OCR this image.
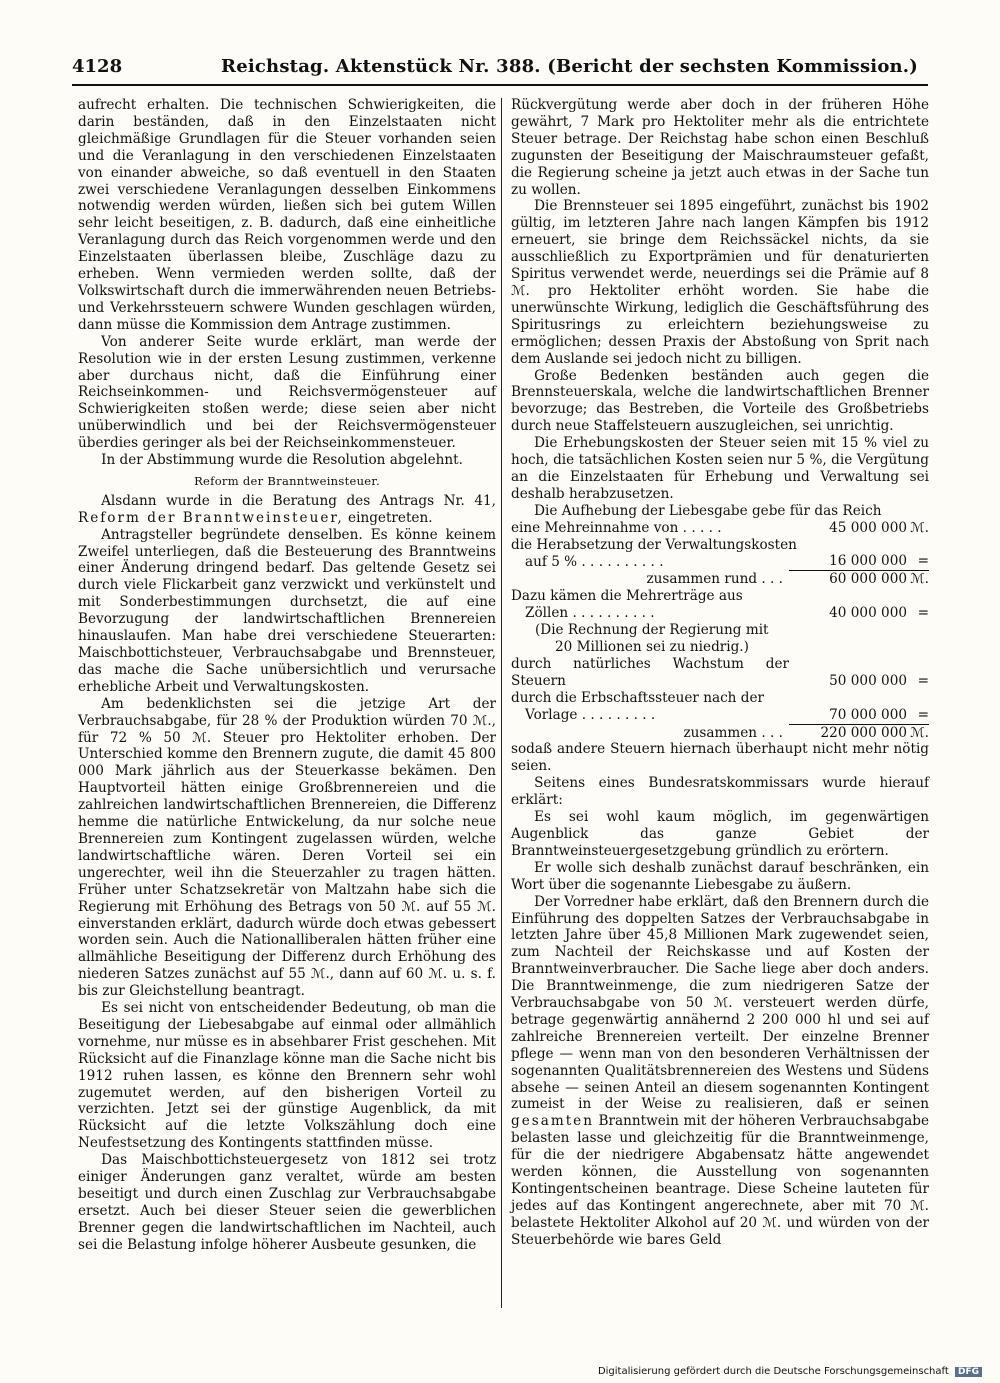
4128	Reichstag. Aktenstück Nr. 388. (Bericht der sechsten Kommission.)

aufrecht erhalten. Die technischen Schwierigkeiten, die darin beständen, daß in den Einzelstaaten nicht gleichmäßige Grundlagen für die Steuer vorhanden seien und die Veranlagung in den verschiedenen Einzelstaaten von einander abweiche, so daß eventuell in den Staaten zwei verschiedene Veranlagungen desselben Einkommens notwendig werden würden, ließen sich bei gutem Willen sehr leicht beseitigen, z. B. dadurch, daß eine einheitliche Veranlagung durch das Reich vorgenommen werde und den Einzelstaaten überlassen bleibe, Zuschläge dazu zu erheben. Wenn vermieden werden sollte, daß der Volkswirtschaft durch die immerwährenden neuen Betriebs- und Verkehrssteuern schwere Wunden geschlagen würden, dann müsse die Kommission dem Antrage zustimmen.

Von anderer Seite wurde erklärt, man werde der Resolution wie in der ersten Lesung zustimmen, verkenne aber durchaus nicht, daß die Einführung einer Reichseinkommen- und Reichsvermögensteuer auf Schwierigkeiten stoßen werde; diese seien aber nicht unüberwindlich und bei der Reichsvermögensteuer überdies geringer als bei der Reichseinkommensteuer.

In der Abstimmung wurde die Resolution abgelehnt.

Reform der Branntweinsteuer.

Alsdann wurde in die Beratung des Antrags Nr. 41, Reform der Branntweinsteuer, eingetreten.

Antragsteller begründete denselben. Es könne keinem Zweifel unterliegen, daß die Besteuerung des Branntweins einer Änderung dringend bedarf. Das geltende Gesetz sei durch viele Flickarbeit ganz verzwickt und verkünstelt und mit Sonderbestimmungen durchsetzt, die auf eine Bevorzugung der landwirtschaftlichen Brennereien hinauslaufen. Man habe drei verschiedene Steuerarten: Maischbottichsteuer, Verbrauchsabgabe und Brennsteuer, das mache die Sache unübersichtlich und verursache erhebliche Arbeit und Verwaltungskosten.

Am bedenklichsten sei die jetzige Art der Verbrauchsabgabe, für 28 % der Produktion würden 70 ℳ., für 72 % 50 ℳ. Steuer pro Hektoliter erhoben. Der Unterschied komme den Brennern zugute, die damit 45 800 000 Mark jährlich aus der Steuerkasse bekämen. Den Hauptvorteil hätten einige Großbrennereien und die zahlreichen landwirtschaftlichen Brennereien, die Differenz hemme die natürliche Entwickelung, da nur solche neue Brennereien zum Kontingent zugelassen würden, welche landwirtschaftliche wären. Deren Vorteil sei ein ungerechter, weil ihn die Steuerzahler zu tragen hätten. Früher unter Schatzsekretär von Maltzahn habe sich die Regierung mit Erhöhung des Betrags von 50 ℳ. auf 55 ℳ. einverstanden erklärt, dadurch würde doch etwas gebessert worden sein. Auch die Nationalliberalen hätten früher eine allmähliche Beseitigung der Differenz durch Erhöhung des niederen Satzes zunächst auf 55 ℳ., dann auf 60 ℳ. u. s. f. bis zur Gleichstellung beantragt.

Es sei nicht von entscheidender Bedeutung, ob man die Beseitigung der Liebesabgabe auf einmal oder allmählich vornehme, nur müsse es in absehbarer Frist geschehen. Mit Rücksicht auf die Finanzlage könne man die Sache nicht bis 1912 ruhen lassen, es könne den Brennern sehr wohl zugemutet werden, auf den bisherigen Vorteil zu verzichten. Jetzt sei der günstige Augenblick, da mit Rücksicht auf die letzte Volkszählung doch eine Neufestsetzung des Kontingents stattfinden müsse.

Das Maischbottichsteuergesetz von 1812 sei trotz einiger Änderungen ganz veraltet, würde am besten beseitigt und durch einen Zuschlag zur Verbrauchsabgabe ersetzt. Auch bei dieser Steuer seien die gewerblichen Brenner gegen die landwirtschaftlichen im Nachteil, auch sei die Belastung infolge höherer Ausbeute gesunken, die

Rückvergütung werde aber doch in der früheren Höhe gewährt, 7 Mark pro Hektoliter mehr als die entrichtete Steuer betrage. Der Reichstag habe schon einen Beschluß zugunsten der Beseitigung der Maischraumsteuer gefaßt, die Regierung scheine ja jetzt auch etwas in der Sache tun zu wollen.

Die Brennsteuer sei 1895 eingeführt, zunächst bis 1902 gültig, im letzteren Jahre nach langen Kämpfen bis 1912 erneuert, sie bringe dem Reichssäckel nichts, da sie ausschließlich zu Exportprämien und für denaturierten Spiritus verwendet werde, neuerdings sei die Prämie auf 8 ℳ. pro Hektoliter erhöht worden. Sie habe die unerwünschte Wirkung, lediglich die Geschäftsführung des Spiritusrings zu erleichtern beziehungsweise zu ermöglichen; dessen Praxis der Abstoßung von Sprit nach dem Auslande sei jedoch nicht zu billigen.

Große Bedenken beständen auch gegen die Brennsteuerskala, welche die landwirtschaftlichen Brenner bevorzuge; das Bestreben, die Vorteile des Großbetriebs durch neue Staffelsteuern auszugleichen, sei unrichtig.

Die Erhebungskosten der Steuer seien mit 15 % viel zu hoch, die tatsächlichen Kosten seien nur 5 %, die Vergütung an die Einzelstaaten für Erhebung und Verwaltung sei deshalb herabzusetzen.

Die Aufhebung der Liebesgabe gebe für das Reich

eine Mehreinnahme von . . . . .	45 000 000	ℳ.
die Herabsetzung der Verwaltungskosten		
auf 5 % . . . . . . . . . .	16 000 000	=
zusammen rund . . .	60 000 000	ℳ.
Dazu kämen die Mehrerträge aus		
Zöllen . . . . . . . . . .	40 000 000	=
(Die Rechnung der Regierung mit		
20 Millionen sei zu niedrig.)		
durch natürliches Wachstum der Steuern	50 000 000	=
durch die Erbschaftssteuer nach der		
Vorlage . . . . . . . . .	70 000 000	=
zusammen . . .	220 000 000	ℳ.

sodaß andere Steuern hiernach überhaupt nicht mehr nötig seien.

Seitens eines Bundesratskommissars wurde hierauf erklärt:

Es sei wohl kaum möglich, im gegenwärtigen Augenblick das ganze Gebiet der Branntweinsteuergesetzgebung gründlich zu erörtern.

Er wolle sich deshalb zunächst darauf beschränken, ein Wort über die sogenannte Liebesgabe zu äußern.

Der Vorredner habe erklärt, daß den Brennern durch die Einführung des doppelten Satzes der Verbrauchsabgabe in letzten Jahre über 45,8 Millionen Mark zugewendet seien, zum Nachteil der Reichskasse und auf Kosten der Branntweinverbraucher. Die Sache liege aber doch anders. Die Branntweinmenge, die zum niedrigeren Satze der Verbrauchsabgabe von 50 ℳ. versteuert werden dürfe, betrage gegenwärtig annähernd 2 200 000 hl und sei auf zahlreiche Brennereien verteilt. Der einzelne Brenner pflege — wenn man von den besonderen Verhältnissen der sogenannten Qualitätsbrennereien des Westens und Südens absehe — seinen Anteil an diesem sogenannten Kontingent zumeist in der Weise zu realisieren, daß er seinen gesamten Branntwein mit der höheren Verbrauchsabgabe belasten lasse und gleichzeitig für die Branntweinmenge, für die der niedrigere Abgabensatz hätte angewendet werden können, die Ausstellung von sogenannten Kontingentscheinen beantrage. Diese Scheine lauteten für jedes auf das Kontingent angerechnete, aber mit 70 ℳ. belastete Hektoliter Alkohol auf 20 ℳ. und würden von der Steuerbehörde wie bares Geld

Digitalisierung gefördert durch die Deutsche Forschungsgemeinschaft DFG
